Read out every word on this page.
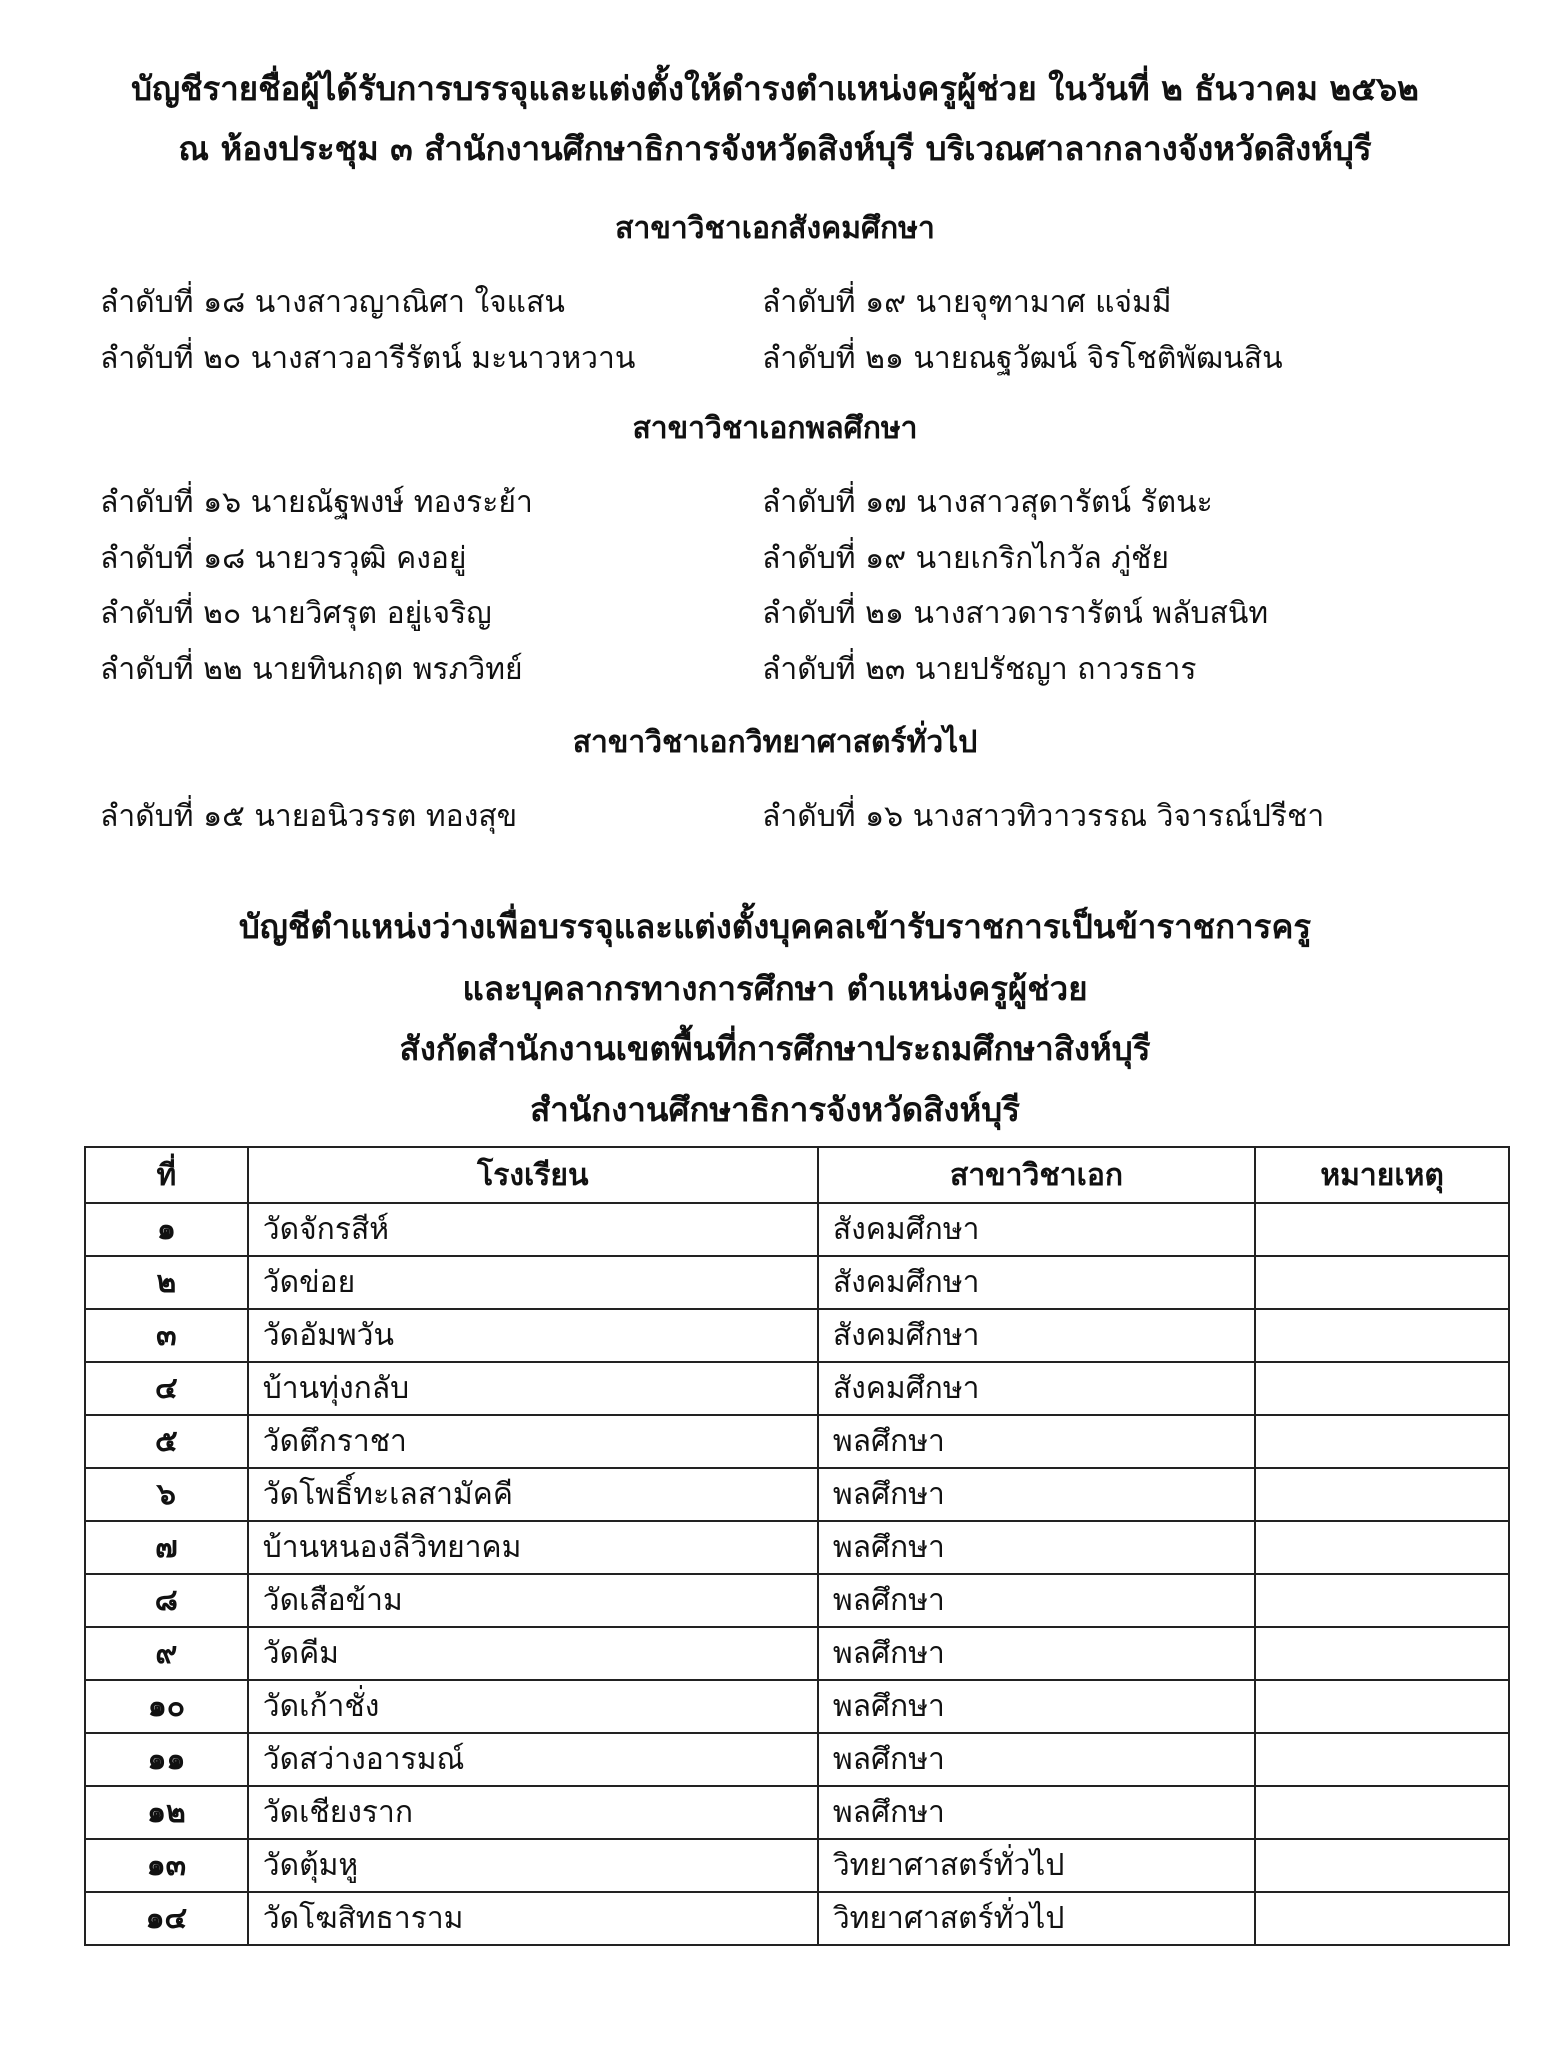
บัญชีรายชื่อผู้ได้รับการบรรจุและแต่งตั้งให้ดำรงตำแหน่งครูผู้ช่วย ในวันที่ ๒ ธันวาคม ๒๕๖๒
ณ ห้องประชุม ๓ สำนักงานศึกษาธิการจังหวัดสิงห์บุรี บริเวณศาลากลางจังหวัดสิงห์บุรี
สาขาวิชาเอกสังคมศึกษา
ลำดับที่ ๑๘ นางสาวญาณิศา ใจแสน	ลำดับที่ ๑๙ นายจุฑามาศ แจ่มมี
ลำดับที่ ๒๐ นางสาวอารีรัตน์ มะนาวหวาน	ลำดับที่ ๒๑ นายณฐวัฒน์ จิรโชติพัฒนสิน
สาขาวิชาเอกพลศึกษา
ลำดับที่ ๑๖ นายณัฐพงษ์ ทองระย้า	ลำดับที่ ๑๗ นางสาวสุดารัตน์ รัตนะ
ลำดับที่ ๑๘ นายวรวุฒิ คงอยู่	ลำดับที่ ๑๙ นายเกริกไกวัล ภู่ชัย
ลำดับที่ ๒๐ นายวิศรุต อยู่เจริญ	ลำดับที่ ๒๑ นางสาวดารารัตน์ พลับสนิท
ลำดับที่ ๒๒ นายทินกฤต พรภวิทย์	ลำดับที่ ๒๓ นายปรัชญา ถาวรธาร
สาขาวิชาเอกวิทยาศาสตร์ทั่วไป
ลำดับที่ ๑๕ นายอนิวรรต ทองสุข	ลำดับที่ ๑๖ นางสาวทิวาวรรณ วิจารณ์ปรีชา
บัญชีตำแหน่งว่างเพื่อบรรจุและแต่งตั้งบุคคลเข้ารับราชการเป็นข้าราชการครู
และบุคลากรทางการศึกษา ตำแหน่งครูผู้ช่วย
สังกัดสำนักงานเขตพื้นที่การศึกษาประถมศึกษาสิงห์บุรี
สำนักงานศึกษาธิการจังหวัดสิงห์บุรี
ที่	โรงเรียน	สาขาวิชาเอก	หมายเหตุ
๑	วัดจักรสีห์	สังคมศึกษา	
๒	วัดข่อย	สังคมศึกษา	
๓	วัดอัมพวัน	สังคมศึกษา	
๔	บ้านทุ่งกลับ	สังคมศึกษา	
๕	วัดตึกราชา	พลศึกษา	
๖	วัดโพธิ์ทะเลสามัคคี	พลศึกษา	
๗	บ้านหนองลีวิทยาคม	พลศึกษา	
๘	วัดเสือข้าม	พลศึกษา	
๙	วัดคีม	พลศึกษา	
๑๐	วัดเก้าชั่ง	พลศึกษา	
๑๑	วัดสว่างอารมณ์	พลศึกษา	
๑๒	วัดเชียงราก	พลศึกษา	
๑๓	วัดตุ้มหู	วิทยาศาสตร์ทั่วไป	
๑๔	วัดโฆสิทธาราม	วิทยาศาสตร์ทั่วไป	
